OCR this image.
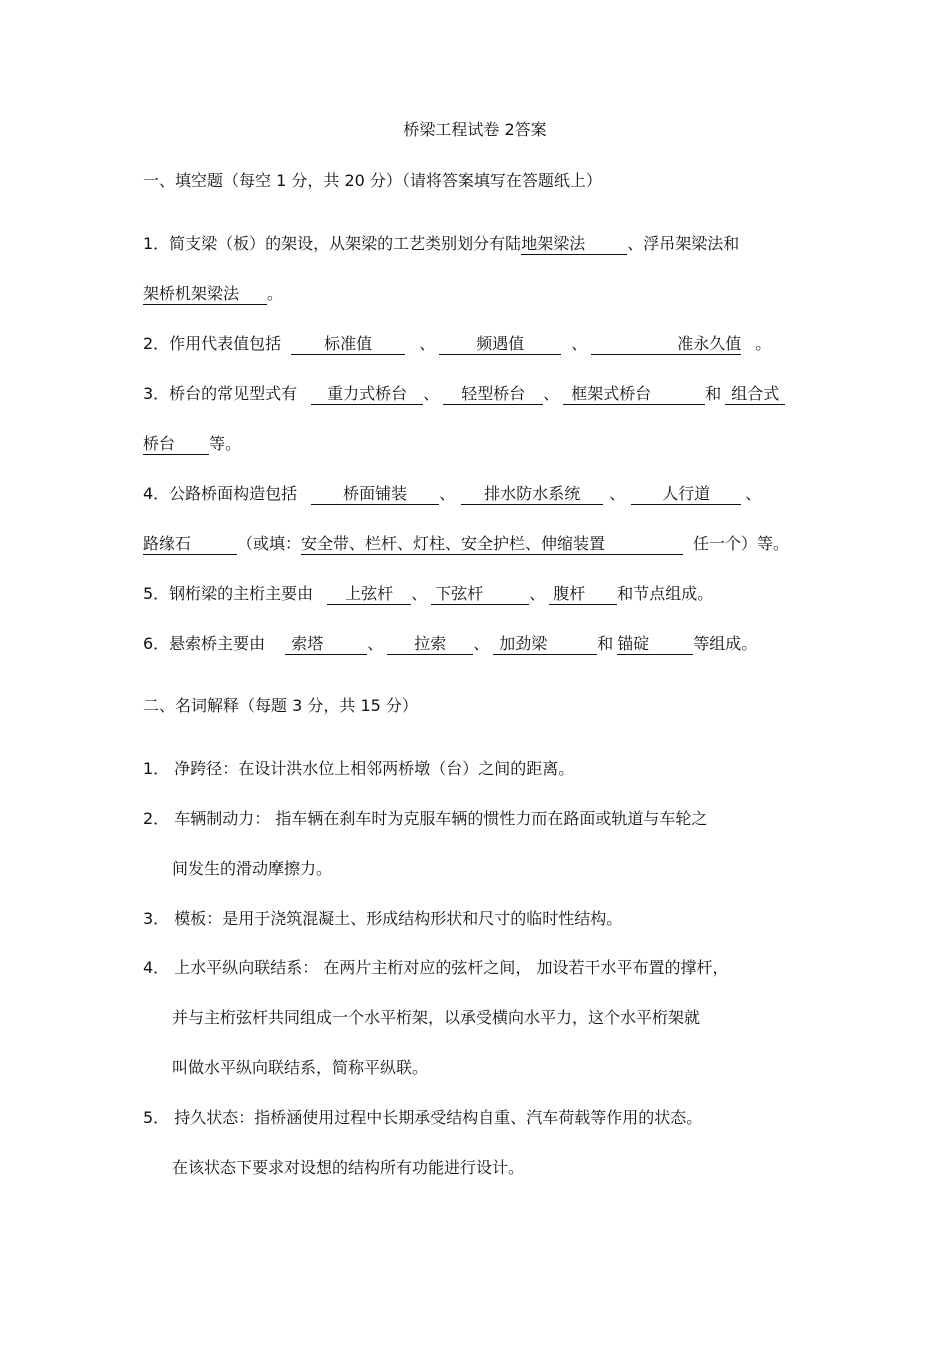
桥梁工程试卷 2答案
一、填空题（每空 1 分，共 20 分）（请将答案填写在答题纸上）
1．简支梁（板）的架设，从架梁的工艺类别划分有陆地架梁法	、浮吊架梁法和
架桥机架梁法 。
2．作用代表值包括	标准值	、	频遇值	、	准永久值 。
3．桥台的常见型式有 重力式桥台 、 轻型桥台 、 框架式桥台	和 组合式
桥台 等。
4．公路桥面构造包括	桥面铺装 、 排水防水系统 、 人行道 、
路缘石	（或填：安全带、栏杆、灯柱、安全护栏、伸缩装置	任一个）等。
5．钢桁梁的主桁主要由 上弦杆 、 下弦杆	、 腹杆 和节点组成。
6．悬索桥主要由 索塔	、 拉索 、 加劲梁	和 锚碇	等组成。
二、名词解释（每题 3 分，共 15 分）
1． 净跨径：在设计洪水位上相邻两桥墩（台）之间的距离。
2． 车辆制动力： 指车辆在刹车时为克服车辆的惯性力而在路面或轨道与车轮之
间发生的滑动摩擦力。
3． 模板：是用于浇筑混凝土、形成结构形状和尺寸的临时性结构。
4． 上水平纵向联结系： 在两片主桁对应的弦杆之间， 加设若干水平布置的撑杆，
并与主桁弦杆共同组成一个水平桁架，以承受横向水平力，这个水平桁架就
叫做水平纵向联结系，简称平纵联。
5． 持久状态：指桥涵使用过程中长期承受结构自重、汽车荷载等作用的状态。
在该状态下要求对设想的结构所有功能进行设计。
